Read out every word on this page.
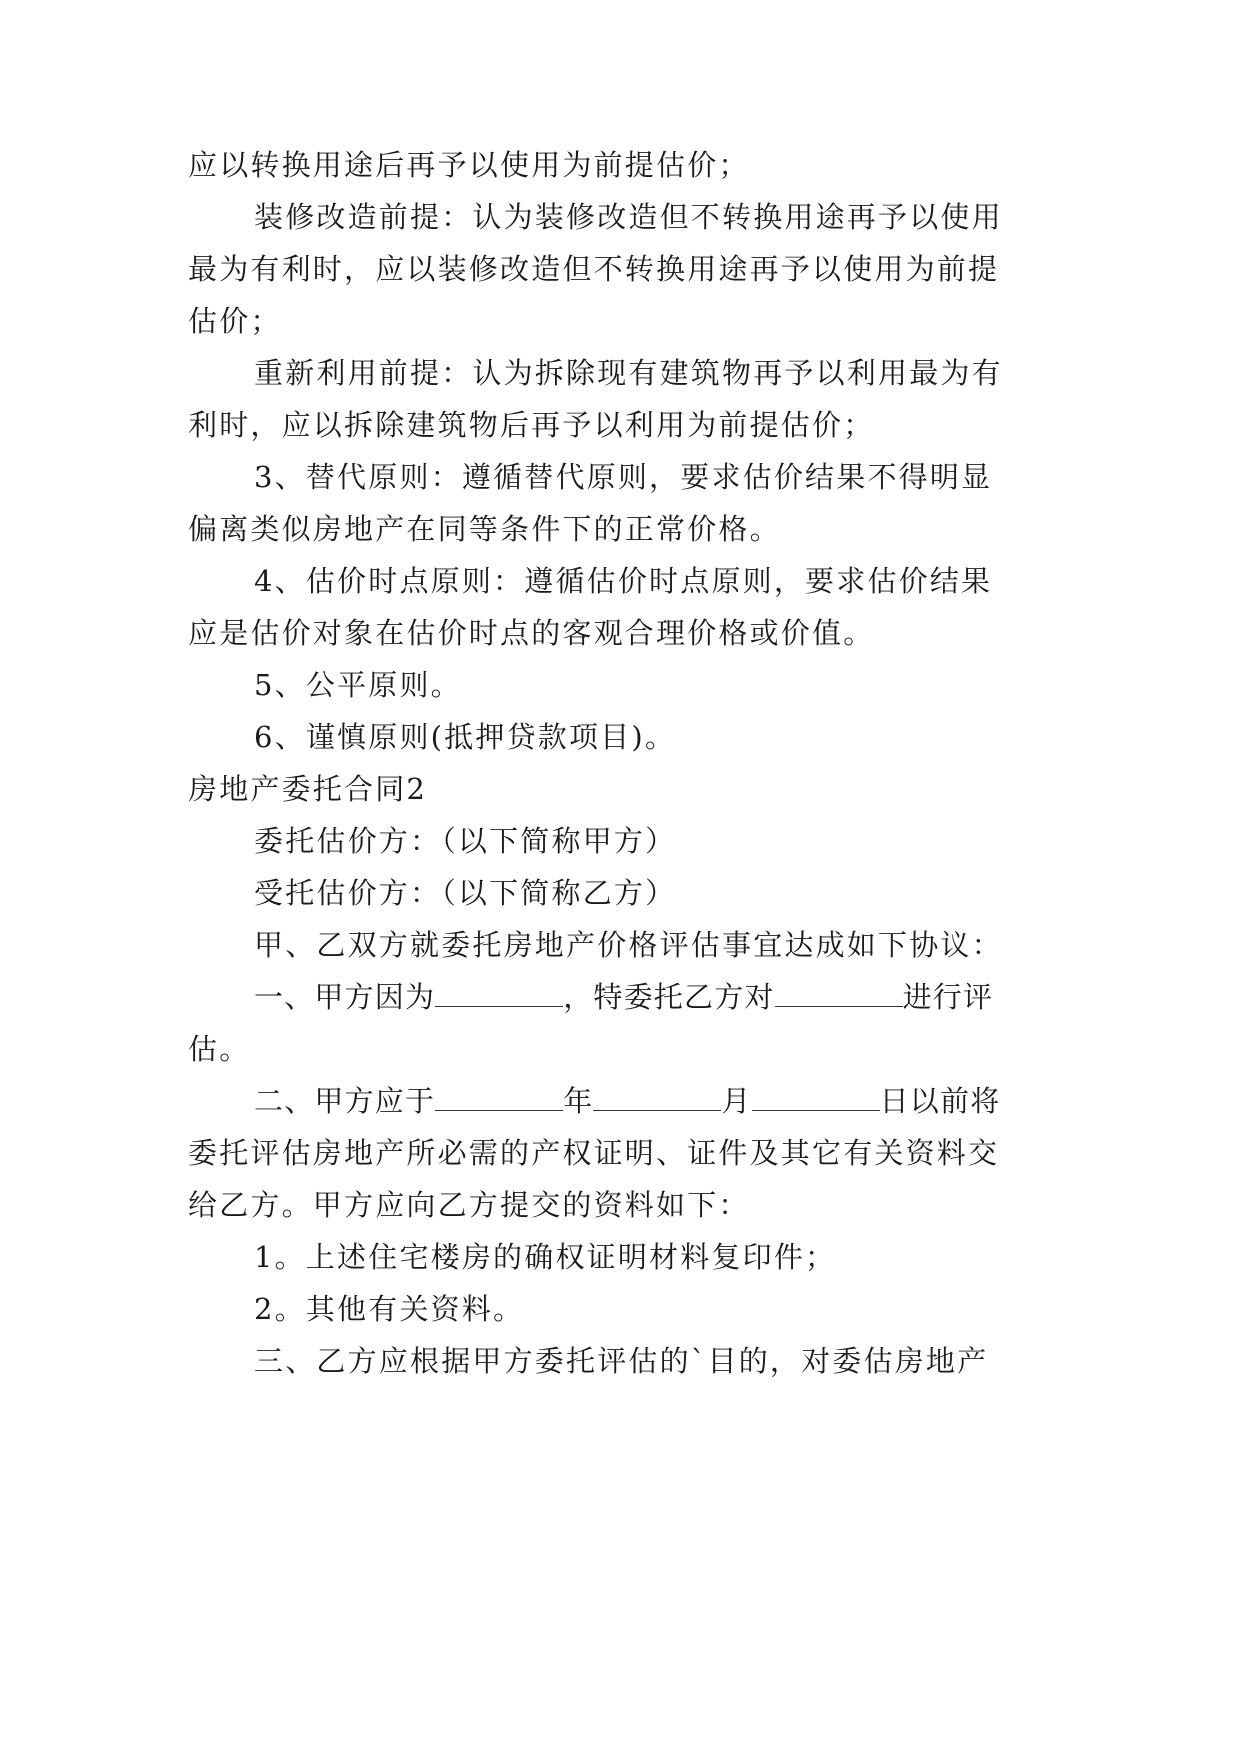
应以转换用途后再予以使用为前提估价；
装修改造前提：认为装修改造但不转换用途再予以使用
最为有利时，应以装修改造但不转换用途再予以使用为前提
估价；
重新利用前提：认为拆除现有建筑物再予以利用最为有
利时，应以拆除建筑物后再予以利用为前提估价；
3、替代原则：遵循替代原则，要求估价结果不得明显
偏离类似房地产在同等条件下的正常价格。
4、估价时点原则：遵循估价时点原则，要求估价结果
应是估价对象在估价时点的客观合理价格或价值。
5、公平原则。
6、谨慎原则(抵押贷款项目)。
房地产委托合同2
委托估价方：（以下简称甲方）
受托估价方：（以下简称乙方）
甲、乙双方就委托房地产价格评估事宜达成如下协议：
一、甲方因为	，特委托乙方对	进行评
估。
二、甲方应于	年	月	日以前将
委托评估房地产所必需的产权证明、证件及其它有关资料交
给乙方。甲方应向乙方提交的资料如下：
1。上述住宅楼房的确权证明材料复印件；
2。其他有关资料。
三、乙方应根据甲方委托评估的`目的，对委估房地产
